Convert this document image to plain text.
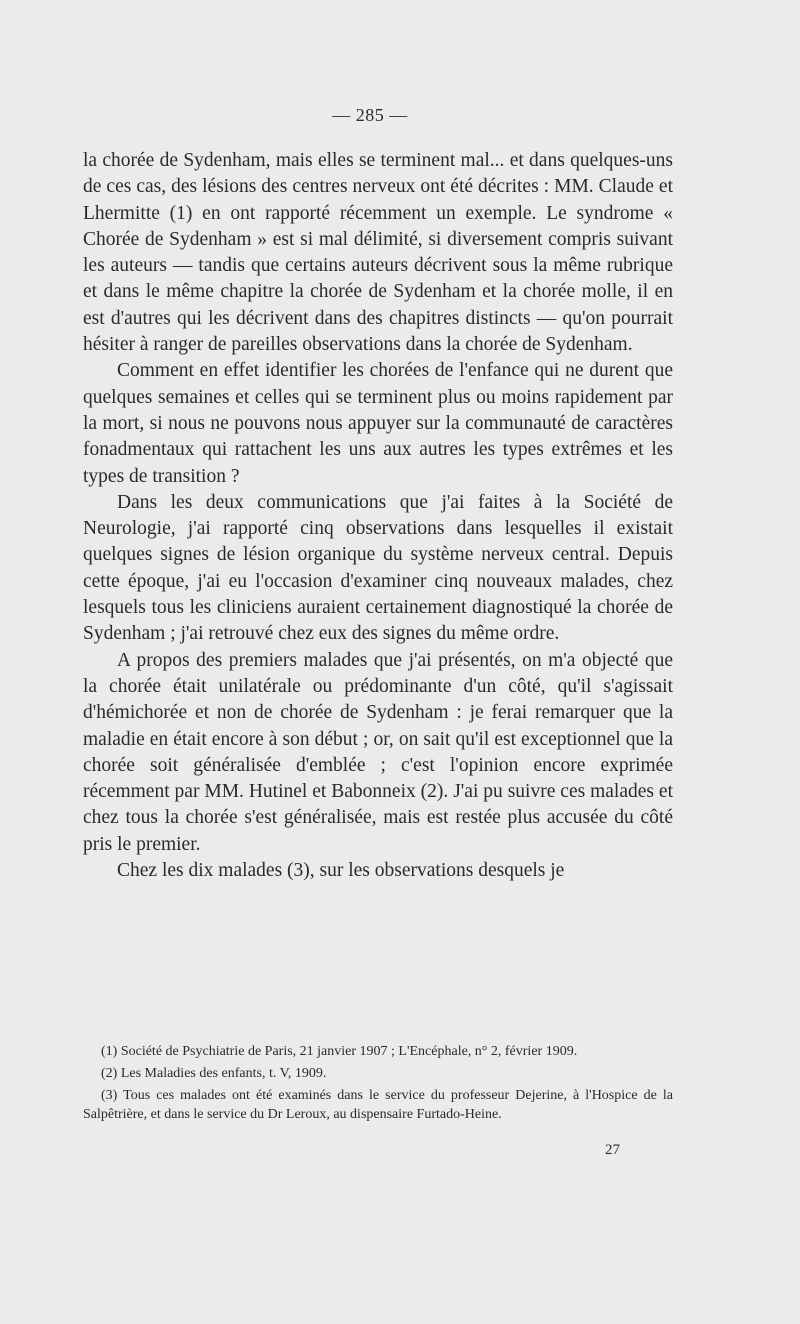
— 285 —

la chorée de Sydenham, mais elles se terminent mal... et dans quelques-uns de ces cas, des lésions des centres nerveux ont été décrites : MM. Claude et Lhermitte (1) en ont rapporté récemment un exemple. Le syndrome « Chorée de Sydenham » est si mal délimité, si diversement compris suivant les auteurs — tandis que certains auteurs décrivent sous la même rubrique et dans le même chapitre la chorée de Sydenham et la chorée molle, il en est d'autres qui les décrivent dans des chapitres distincts — qu'on pourrait hésiter à ranger de pareilles observations dans la chorée de Sydenham.

Comment en effet identifier les chorées de l'enfance qui ne durent que quelques semaines et celles qui se terminent plus ou moins rapidement par la mort, si nous ne pouvons nous appuyer sur la communauté de caractères fonadmentaux qui rattachent les uns aux autres les types extrêmes et les types de transition ?

Dans les deux communications que j'ai faites à la Société de Neurologie, j'ai rapporté cinq observations dans lesquelles il existait quelques signes de lésion organique du système nerveux central. Depuis cette époque, j'ai eu l'occasion d'examiner cinq nouveaux malades, chez lesquels tous les cliniciens auraient certainement diagnostiqué la chorée de Sydenham ; j'ai retrouvé chez eux des signes du même ordre.

A propos des premiers malades que j'ai présentés, on m'a objecté que la chorée était unilatérale ou prédominante d'un côté, qu'il s'agissait d'hémichorée et non de chorée de Sydenham : je ferai remarquer que la maladie en était encore à son début ; or, on sait qu'il est exceptionnel que la chorée soit généralisée d'emblée ; c'est l'opinion encore exprimée récemment par MM. Hutinel et Babonneix (2). J'ai pu suivre ces malades et chez tous la chorée s'est généralisée, mais est restée plus accusée du côté pris le premier.

Chez les dix malades (3), sur les observations desquels je

(1) Société de Psychiatrie de Paris, 21 janvier 1907 ; L'Encéphale, n° 2, février 1909.

(2) Les Maladies des enfants, t. V, 1909.

(3) Tous ces malades ont été examinés dans le service du professeur Dejerine, à l'Hospice de la Salpêtrière, et dans le service du Dr Leroux, au dispensaire Furtado-Heine.

27
